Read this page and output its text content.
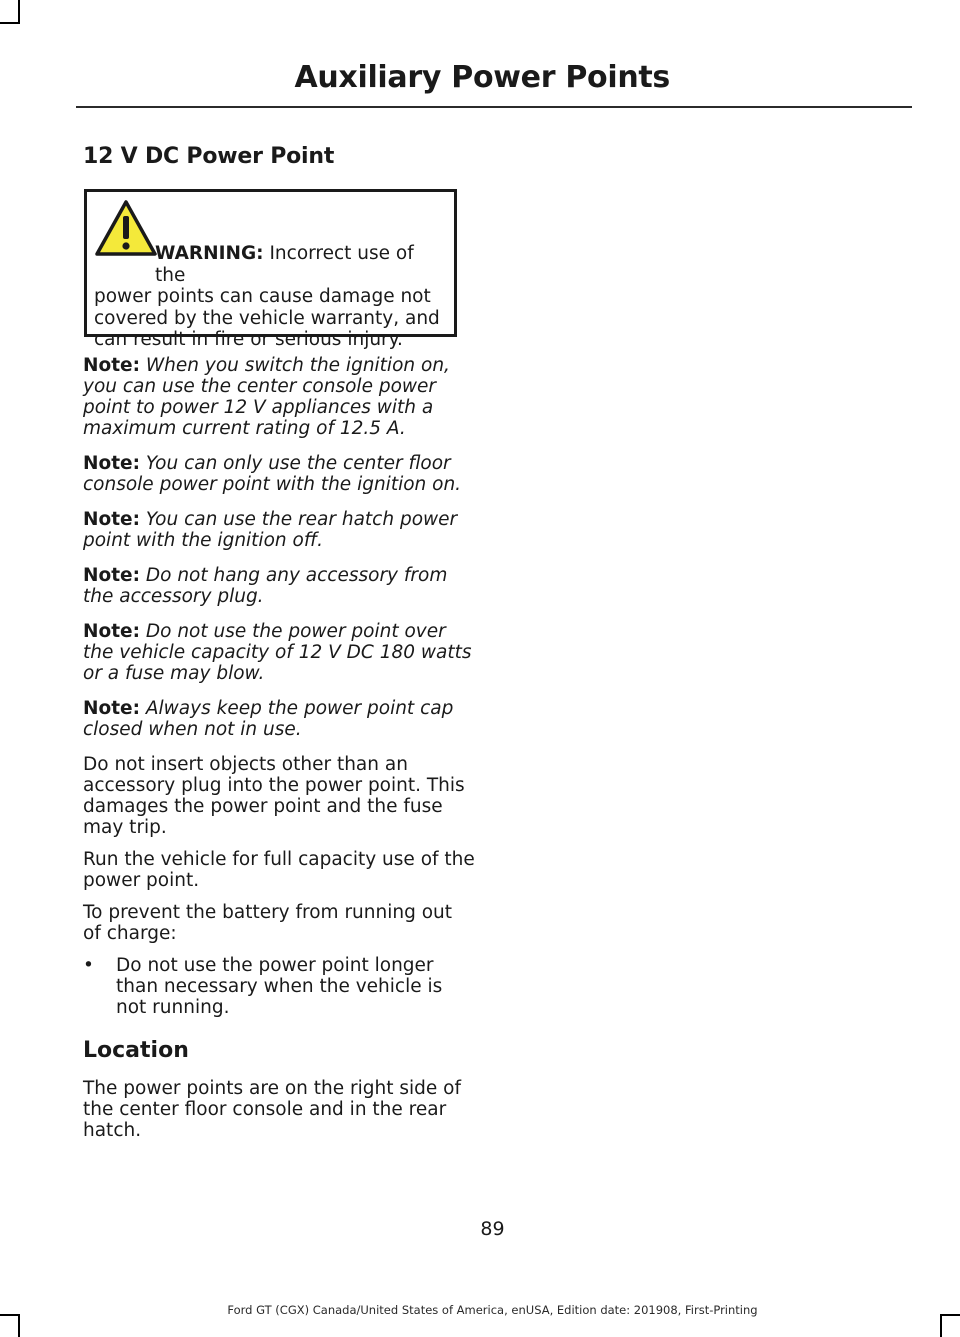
Auxiliary Power Points
12 V DC Power Point
WARNING: Incorrect use of the
power points can cause damage not covered by the vehicle warranty, and can result in fire or serious injury.

Note: When you switch the ignition on, you can use the center console power point to power 12 V appliances with a maximum current rating of 12.5 A.

Note: You can only use the center floor console power point with the ignition on.

Note: You can use the rear hatch power point with the ignition off.

Note: Do not hang any accessory from the accessory plug.

Note: Do not use the power point over the vehicle capacity of 12 V DC 180 watts or a fuse may blow.

Note: Always keep the power point cap closed when not in use.

Do not insert objects other than an accessory plug into the power point. This damages the power point and the fuse may trip.

Run the vehicle for full capacity use of the power point.

To prevent the battery from running out of charge:

•	Do not use the power point longer than necessary when the vehicle is not running.
Location

The power points are on the right side of the center floor console and in the rear hatch.

89
Ford GT (CGX) Canada/United States of America, enUSA, Edition date: 201908, First-Printing
